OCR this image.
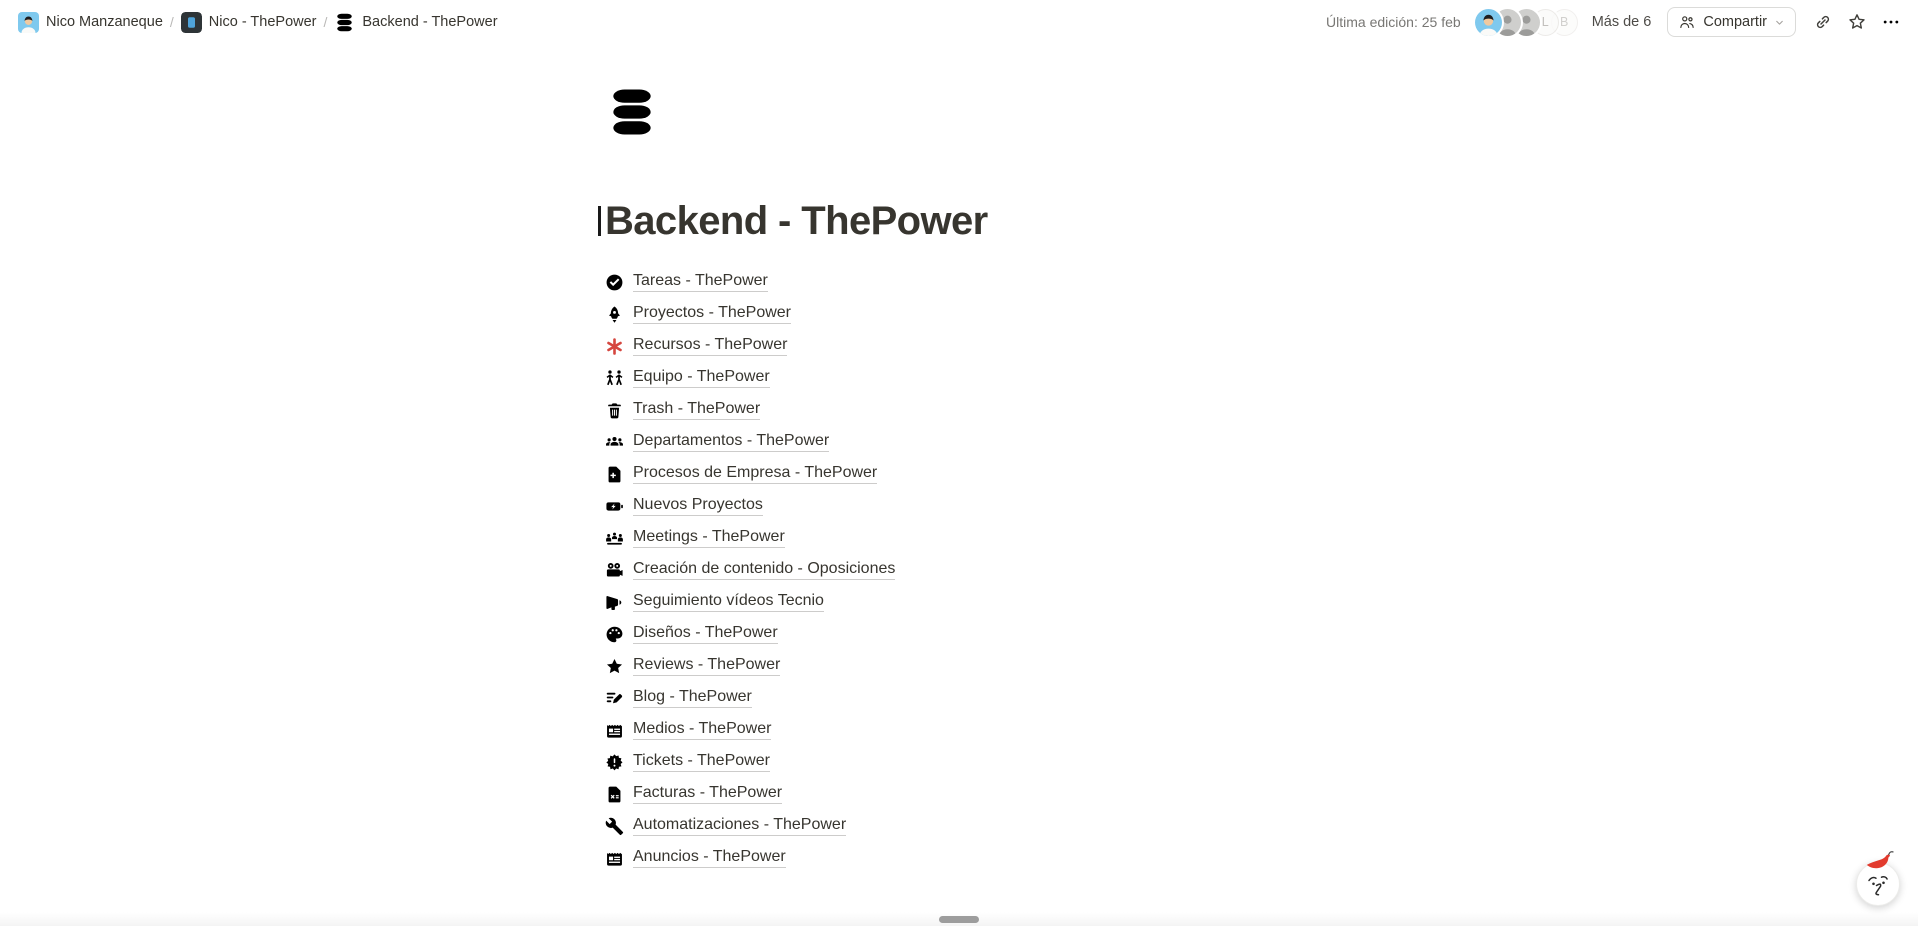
Nico Manzaneque / Nico - ThePower / Backend - ThePower	Última edición: 25 feb	L B	Más de 6	Compartir
Backend - ThePower
Tareas - ThePower
Proyectos - ThePower
Recursos - ThePower
Equipo - ThePower
Trash - ThePower
Departamentos - ThePower
Procesos de Empresa - ThePower
Nuevos Proyectos
Meetings - ThePower
Creación de contenido - Oposiciones
Seguimiento vídeos Tecnio
Diseños - ThePower
Reviews - ThePower
Blog - ThePower
Medios - ThePower
Tickets - ThePower
Facturas - ThePower
Automatizaciones - ThePower
Anuncios - ThePower
